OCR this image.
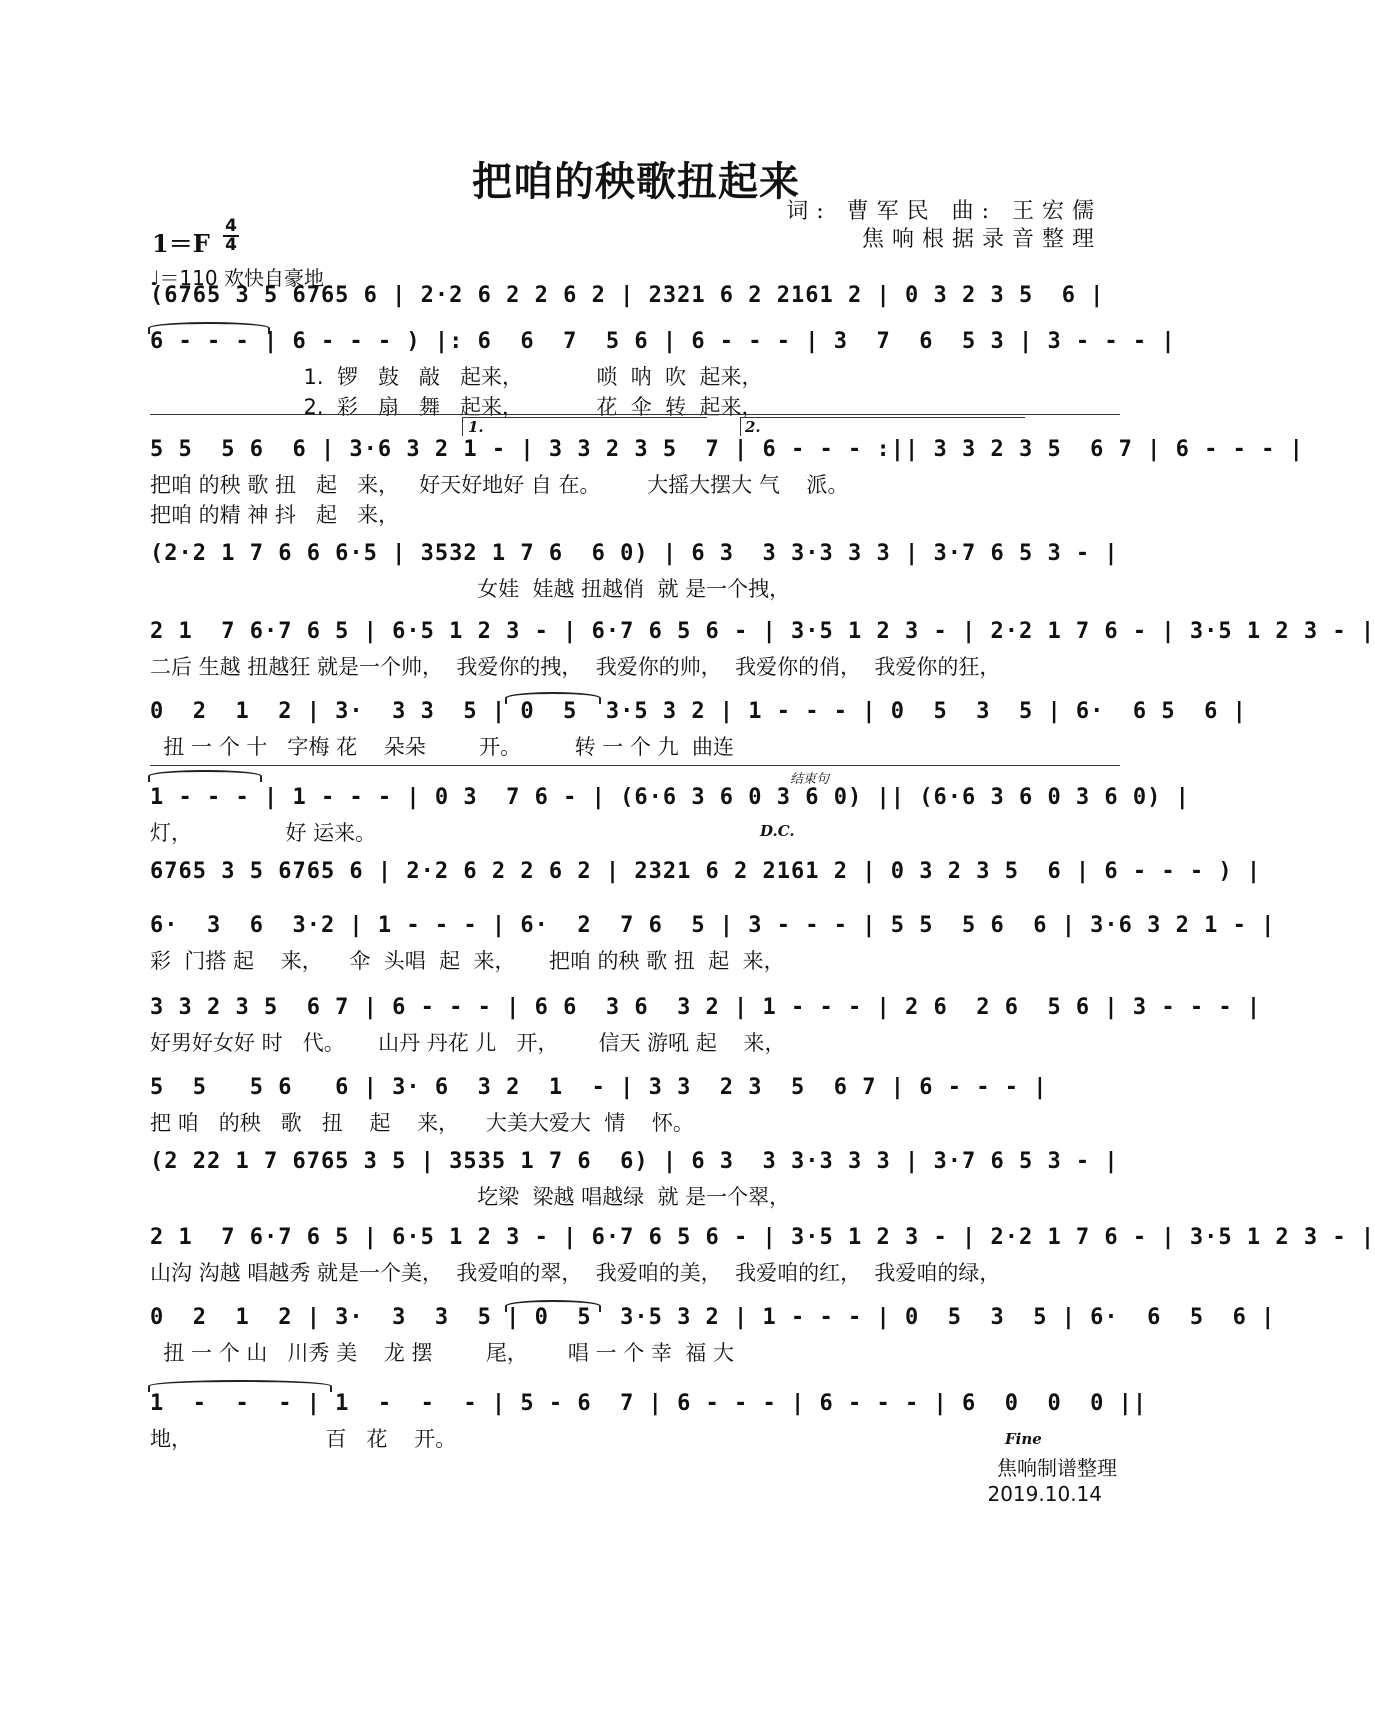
把咱的秧歌扭起来
词: 曹军民 曲: 王宏儒
焦响根据录音整理
1＝F
4
4
♩＝110 欢快自豪地
(6765 3 5 6765 6 | 2·2 6 2 2 6 2 | 2321 6 2 2161 2 | 0 3 2 3 5  6 |
6 - - - | 6 - - - ) |: 6  6  7  5 6 | 6 - - - | 3  7  6  5 3 | 3 - - - |
1.  锣   鼓   敲   起来，           唢  呐  吹  起来，
2.  彩   扇   舞   起来，           花  伞  转  起来，
5 5  5 6  6 | 3·6 3 2 1 - | 3 3 2 3 5  7 | 6 - - - :|| 3 3 2 3 5  6 7 | 6 - - - |
把咱 的秧 歌 扭   起   来，   好天好地好 自 在。       大摇大摆大 气    派。
把咱 的精 神 抖   起   来，
(2·2 1 7 6 6 6·5 | 3532 1 7 6  6 0) | 6 3  3 3·3 3 3 | 3·7 6 5 3 - |
女娃  娃越 扭越俏  就 是一个拽，
2 1  7 6·7 6 5 | 6·5 1 2 3 - | 6·7 6 5 6 - | 3·5 1 2 3 - | 2·2 1 7 6 - | 3·5 1 2 3 - |
二后 生越 扭越狂 就是一个帅，  我爱你的拽，  我爱你的帅，  我爱你的俏，  我爱你的狂，
0  2  1  2 | 3·  3 3  5 | 0  5  3·5 3 2 | 1 - - - | 0  5  3  5 | 6·  6 5  6 |
扭 一 个 十   字梅 花    朵朵        开。        转 一 个 九  曲连
1 - - - | 1 - - - | 0 3  7 6 - | (6·6 3 6 0 3 6 0) || (6·6 3 6 0 3 6 0) |
灯，              好 运来。
6765 3 5 6765 6 | 2·2 6 2 2 6 2 | 2321 6 2 2161 2 | 0 3 2 3 5  6 | 6 - - - ) |
6·  3  6  3·2 | 1 - - - | 6·  2  7 6  5 | 3 - - - | 5 5  5 6  6 | 3·6 3 2 1 - |
彩  门搭 起    来，    伞  头唱  起  来，     把咱 的秧 歌 扭  起  来，
3 3 2 3 5  6 7 | 6 - - - | 6 6  3 6  3 2 | 1 - - - | 2 6  2 6  5 6 | 3 - - - |
好男好女好 时   代。     山丹 丹花 儿   开，      信天 游吼 起    来，
5  5   5 6   6 | 3· 6  3 2  1  - | 3 3  2 3  5  6 7 | 6 - - - |
把 咱   的秧   歌   扭    起    来，    大美大爱大  情    怀。
(2 22 1 7 6765 3 5 | 3535 1 7 6  6) | 6 3  3 3·3 3 3 | 3·7 6 5 3 - |
圪梁  梁越 唱越绿  就 是一个翠，
2 1  7 6·7 6 5 | 6·5 1 2 3 - | 6·7 6 5 6 - | 3·5 1 2 3 - | 2·2 1 7 6 - | 3·5 1 2 3 - |
山沟 沟越 唱越秀 就是一个美，  我爱咱的翠，  我爱咱的美，  我爱咱的红，  我爱咱的绿，
0  2  1  2 | 3·  3  3  5 | 0  5  3·5 3 2 | 1 - - - | 0  5  3  5 | 6·  6  5  6 |
扭 一 个 山   川秀 美    龙 摆        尾，      唱 一 个 幸  福 大
1  -  -  - | 1  -  -  - | 5 - 6  7 | 6 - - - | 6 - - - | 6  0  0  0 ||
地，                    百   花    开。
1.	2.
结束句
D.C.
Fine
焦响制谱整理
2019.10.14
